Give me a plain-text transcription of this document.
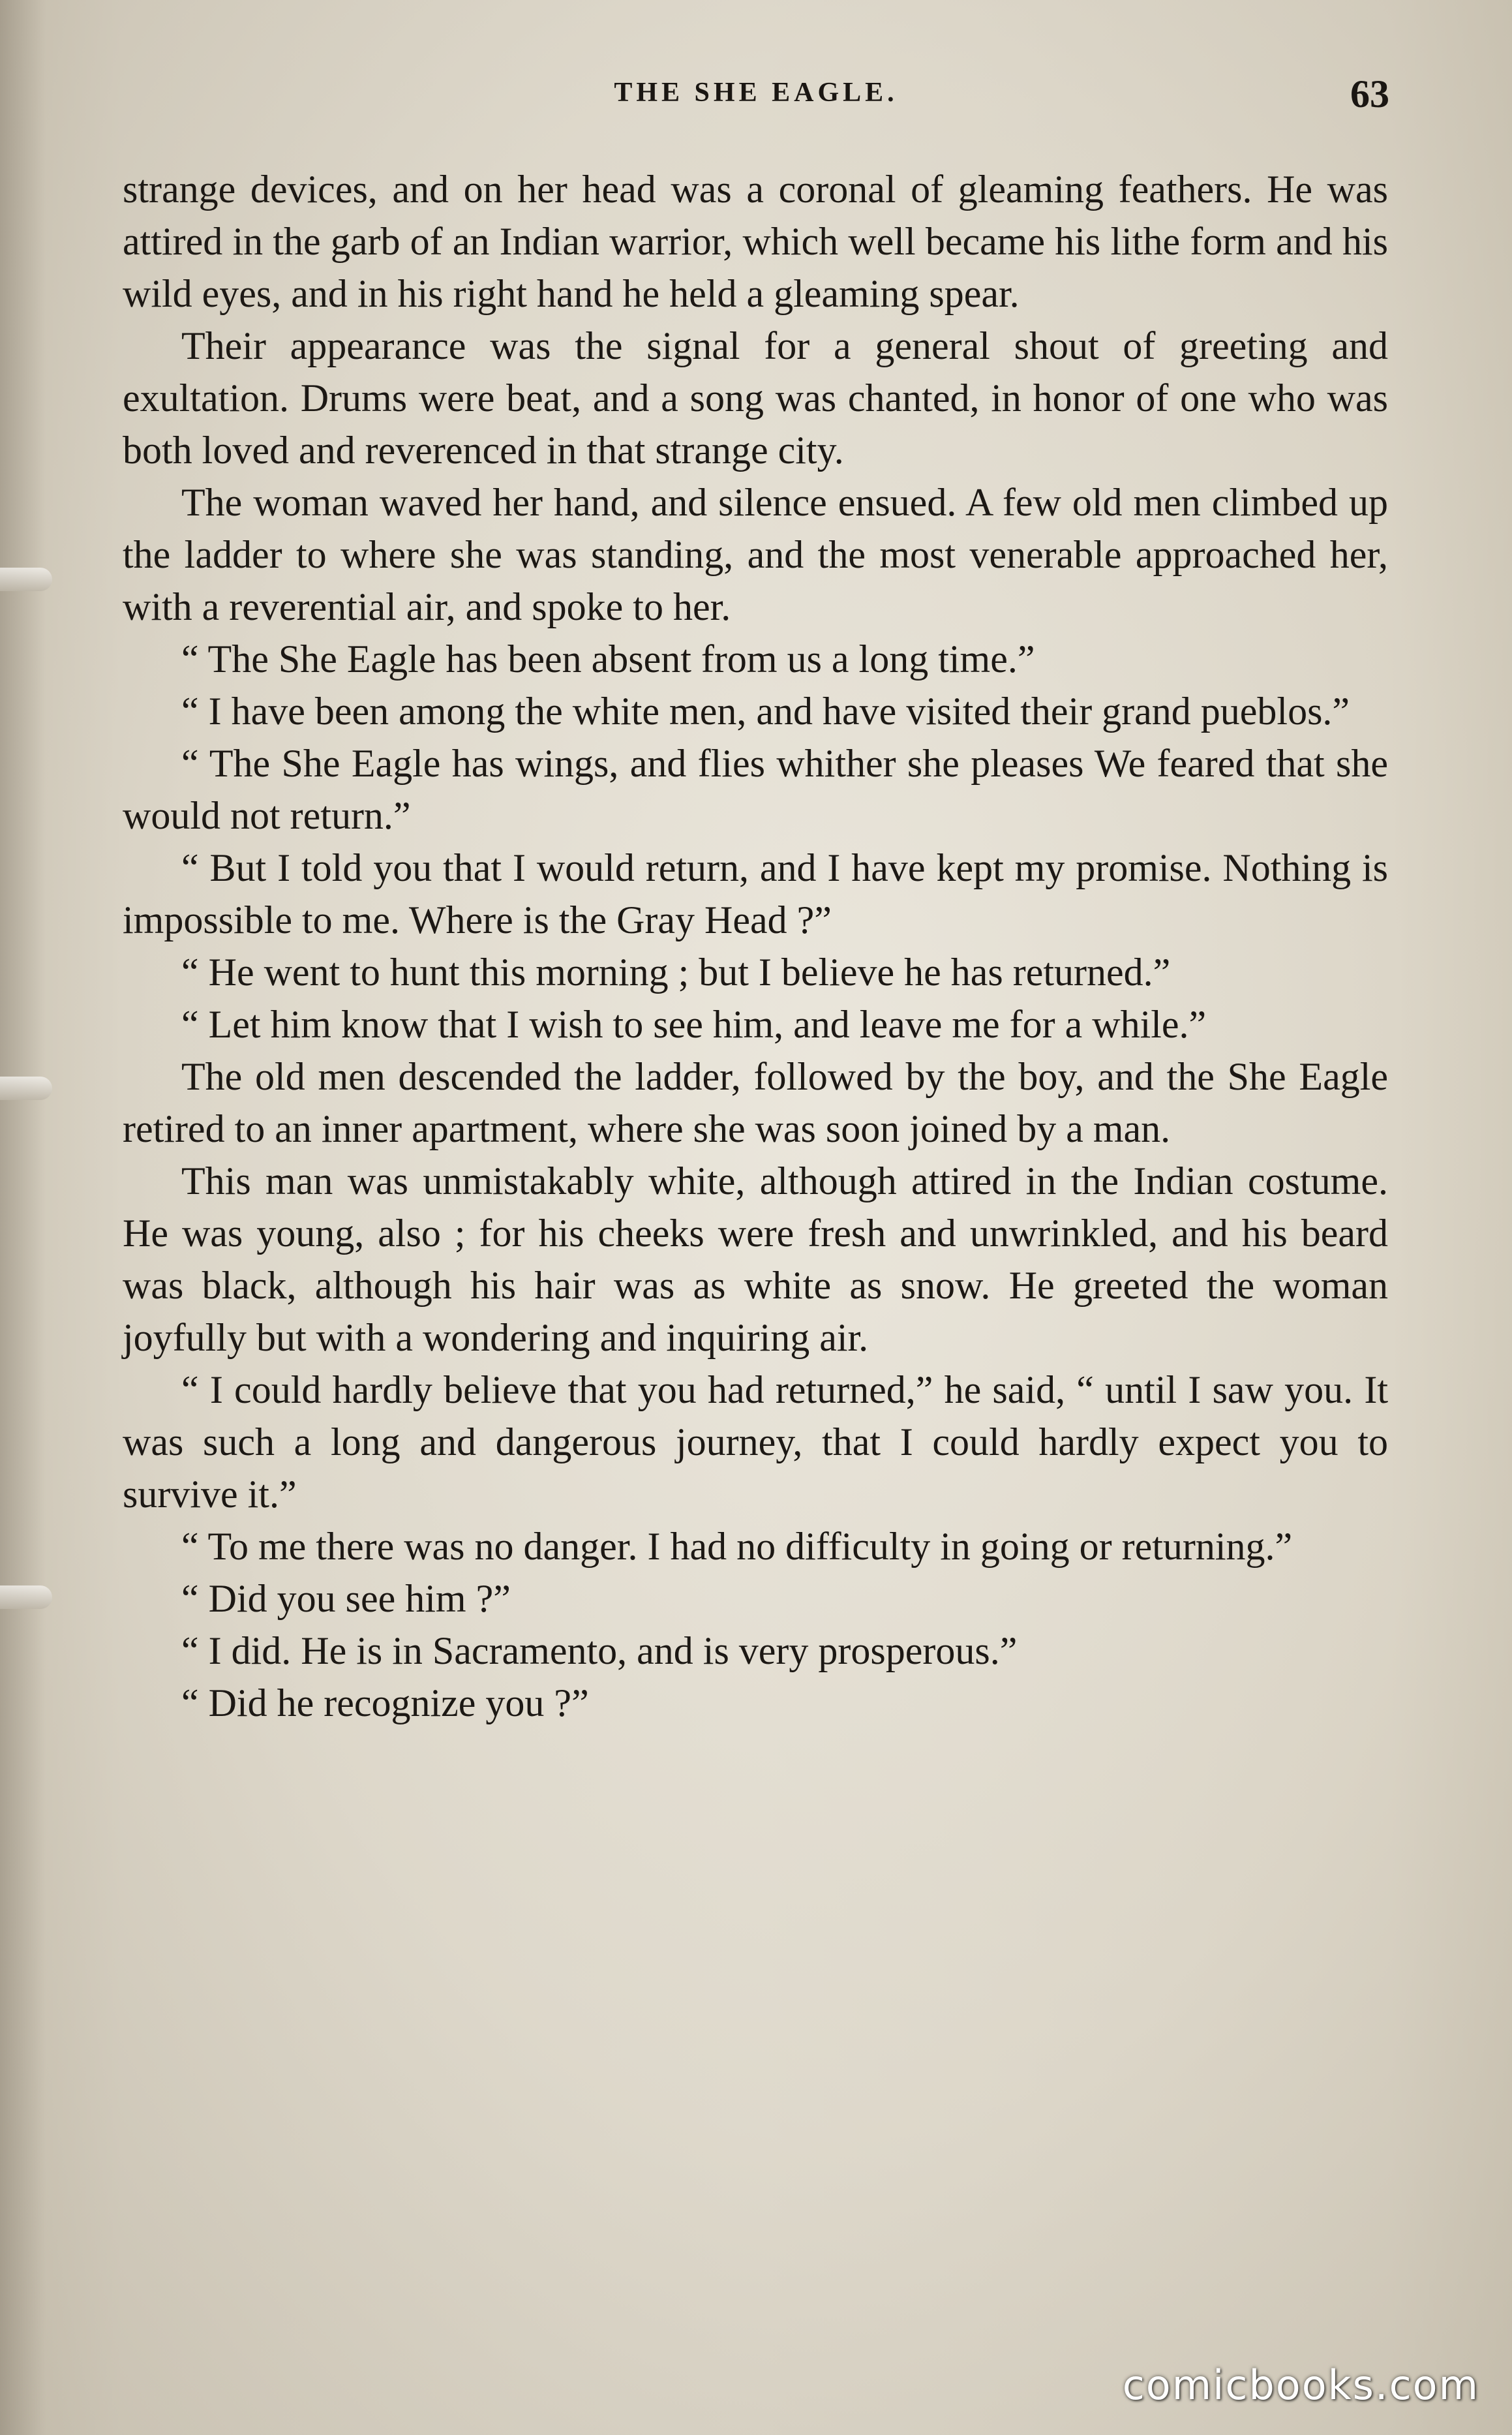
THE SHE EAGLE.	63

strange devices, and on her head was a coronal of gleaming feathers. He was attired in the garb of an Indian warrior, which well became his lithe form and his wild eyes, and in his right hand he held a gleaming spear.

Their appearance was the signal for a general shout of greeting and exultation. Drums were beat, and a song was chanted, in honor of one who was both loved and reverenced in that strange city.

The woman waved her hand, and silence ensued. A few old men climbed up the ladder to where she was standing, and the most venerable approached her, with a reverential air, and spoke to her.

“ The She Eagle has been absent from us a long time.”

“ I have been among the white men, and have visited their grand pueblos.”

“ The She Eagle has wings, and flies whither she pleases We feared that she would not return.”

“ But I told you that I would return, and I have kept my promise. Nothing is impossible to me. Where is the Gray Head ?”

“ He went to hunt this morning ; but I believe he has returned.”

“ Let him know that I wish to see him, and leave me for a while.”

The old men descended the ladder, followed by the boy, and the She Eagle retired to an inner apartment, where she was soon joined by a man.

This man was unmistakably white, although attired in the Indian costume. He was young, also ; for his cheeks were fresh and unwrinkled, and his beard was black, although his hair was as white as snow. He greeted the woman joyfully but with a wondering and inquiring air.

“ I could hardly believe that you had returned,” he said, “ until I saw you. It was such a long and dangerous journey, that I could hardly expect you to survive it.”

“ To me there was no danger. I had no difficulty in going or returning.”

“ Did you see him ?”

“ I did. He is in Sacramento, and is very prosperous.”

“ Did he recognize you ?”

comicbooks.com
